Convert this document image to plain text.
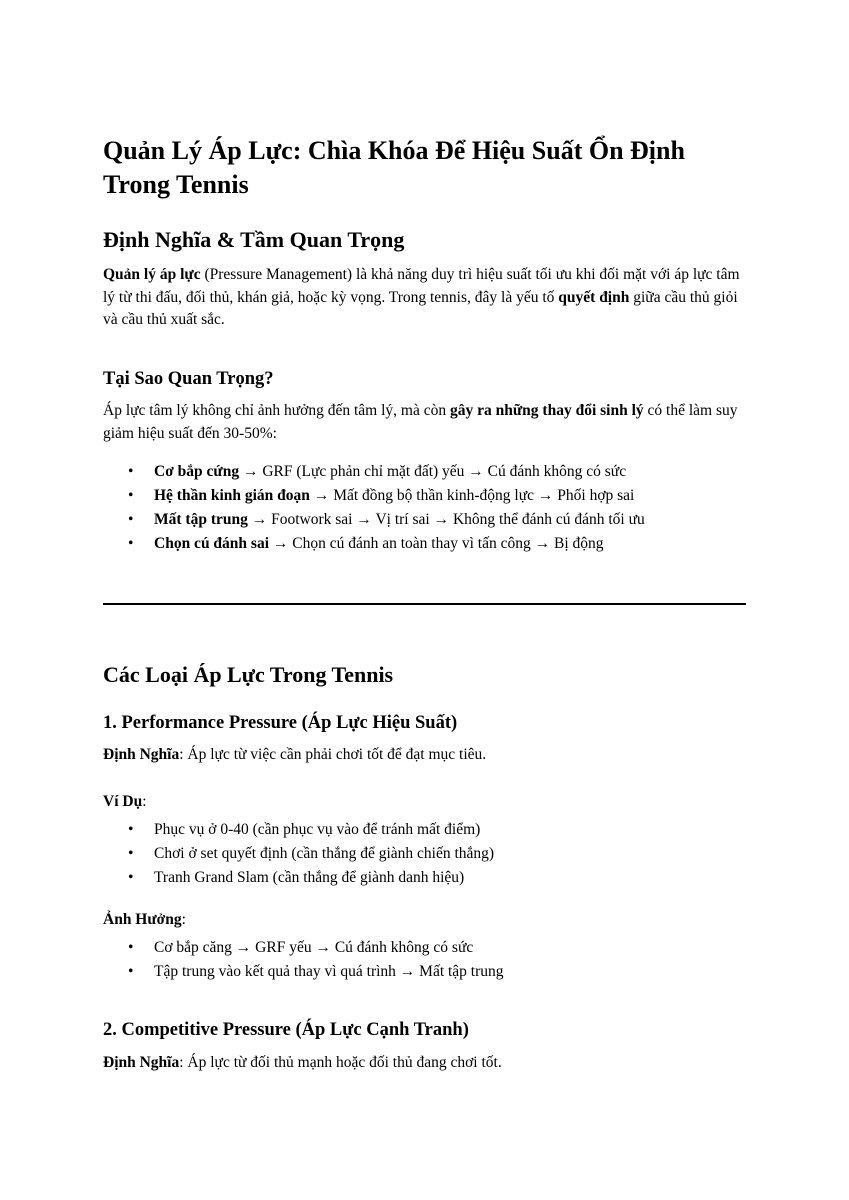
Quản Lý Áp Lực: Chìa Khóa Để Hiệu Suất Ổn Định Trong Tennis
Định Nghĩa & Tầm Quan Trọng

Quản lý áp lực (Pressure Management) là khả năng duy trì hiệu suất tối ưu khi đối mặt với áp lực tâm lý từ thi đấu, đối thủ, khán giả, hoặc kỳ vọng. Trong tennis, đây là yếu tố quyết định giữa cầu thủ giỏi và cầu thủ xuất sắc.

Tại Sao Quan Trọng?

Áp lực tâm lý không chỉ ảnh hưởng đến tâm lý, mà còn gây ra những thay đổi sinh lý có thể làm suy giảm hiệu suất đến 30-50%:

• Cơ bắp cứng → GRF (Lực phản chỉ mặt đất) yếu → Cú đánh không có sức
• Hệ thần kinh gián đoạn → Mất đồng bộ thần kinh-động lực → Phối hợp sai
• Mất tập trung → Footwork sai → Vị trí sai → Không thể đánh cú đánh tối ưu
• Chọn cú đánh sai → Chọn cú đánh an toàn thay vì tấn công → Bị động
Các Loại Áp Lực Trong Tennis
1. Performance Pressure (Áp Lực Hiệu Suất)

Định Nghĩa: Áp lực từ việc cần phải chơi tốt để đạt mục tiêu.

Ví Dụ:
• Phục vụ ở 0-40 (cần phục vụ vào để tránh mất điểm)
• Chơi ở set quyết định (cần thắng để giành chiến thắng)
• Tranh Grand Slam (cần thắng để giành danh hiệu)
Ảnh Hưởng:
• Cơ bắp căng → GRF yếu → Cú đánh không có sức
• Tập trung vào kết quả thay vì quá trình → Mất tập trung
2. Competitive Pressure (Áp Lực Cạnh Tranh)

Định Nghĩa: Áp lực từ đối thủ mạnh hoặc đối thủ đang chơi tốt.
